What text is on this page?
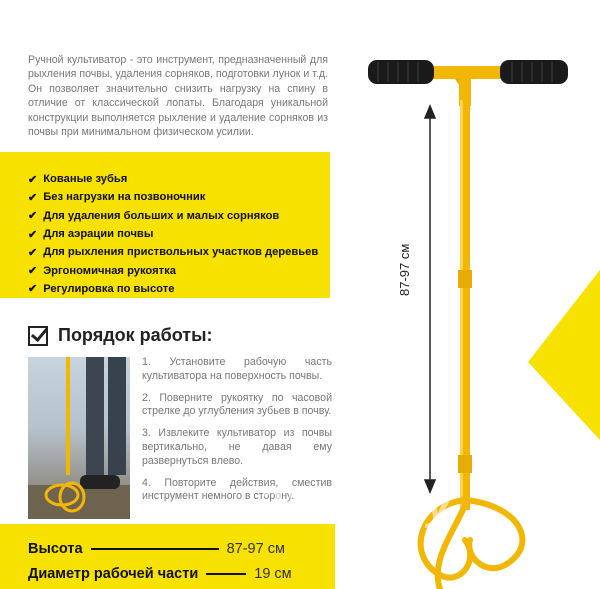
Ручной культиватор - это инструмент, предназначенный для рыхления почвы, удаления сорняков, подготовки лунок и т.д. Он позволяет значительно снизить нагрузку на спину в отличие от классической лопаты. Благодаря уникальной конструкции выполняется рыхление и удаление сорняков из почвы при минимальном физическом усилии.

✔ Кованые зубья
✔ Без нагрузки на позвоночник
✔ Для удаления больших и малых сорняков
✔ Для аэрации почвы
✔ Для рыхления приствольных участков деревьев
✔ Эргономичная рукоятка
✔ Регулировка по высоте
Порядок работы:

1. Установите рабочую часть культиватора на поверхность почвы.

2. Поверните рукоятку по часовой стрелке до углубления зубьев в почву.

3. Извлеките культиватор из почвы вертикально, не давая ему развернуться влево.

4. Повторите действия, сместив инструмент немного в сторону.

87-97 см
21vek.by
Высота	87-97 см
Диаметр рабочей части	19 см
